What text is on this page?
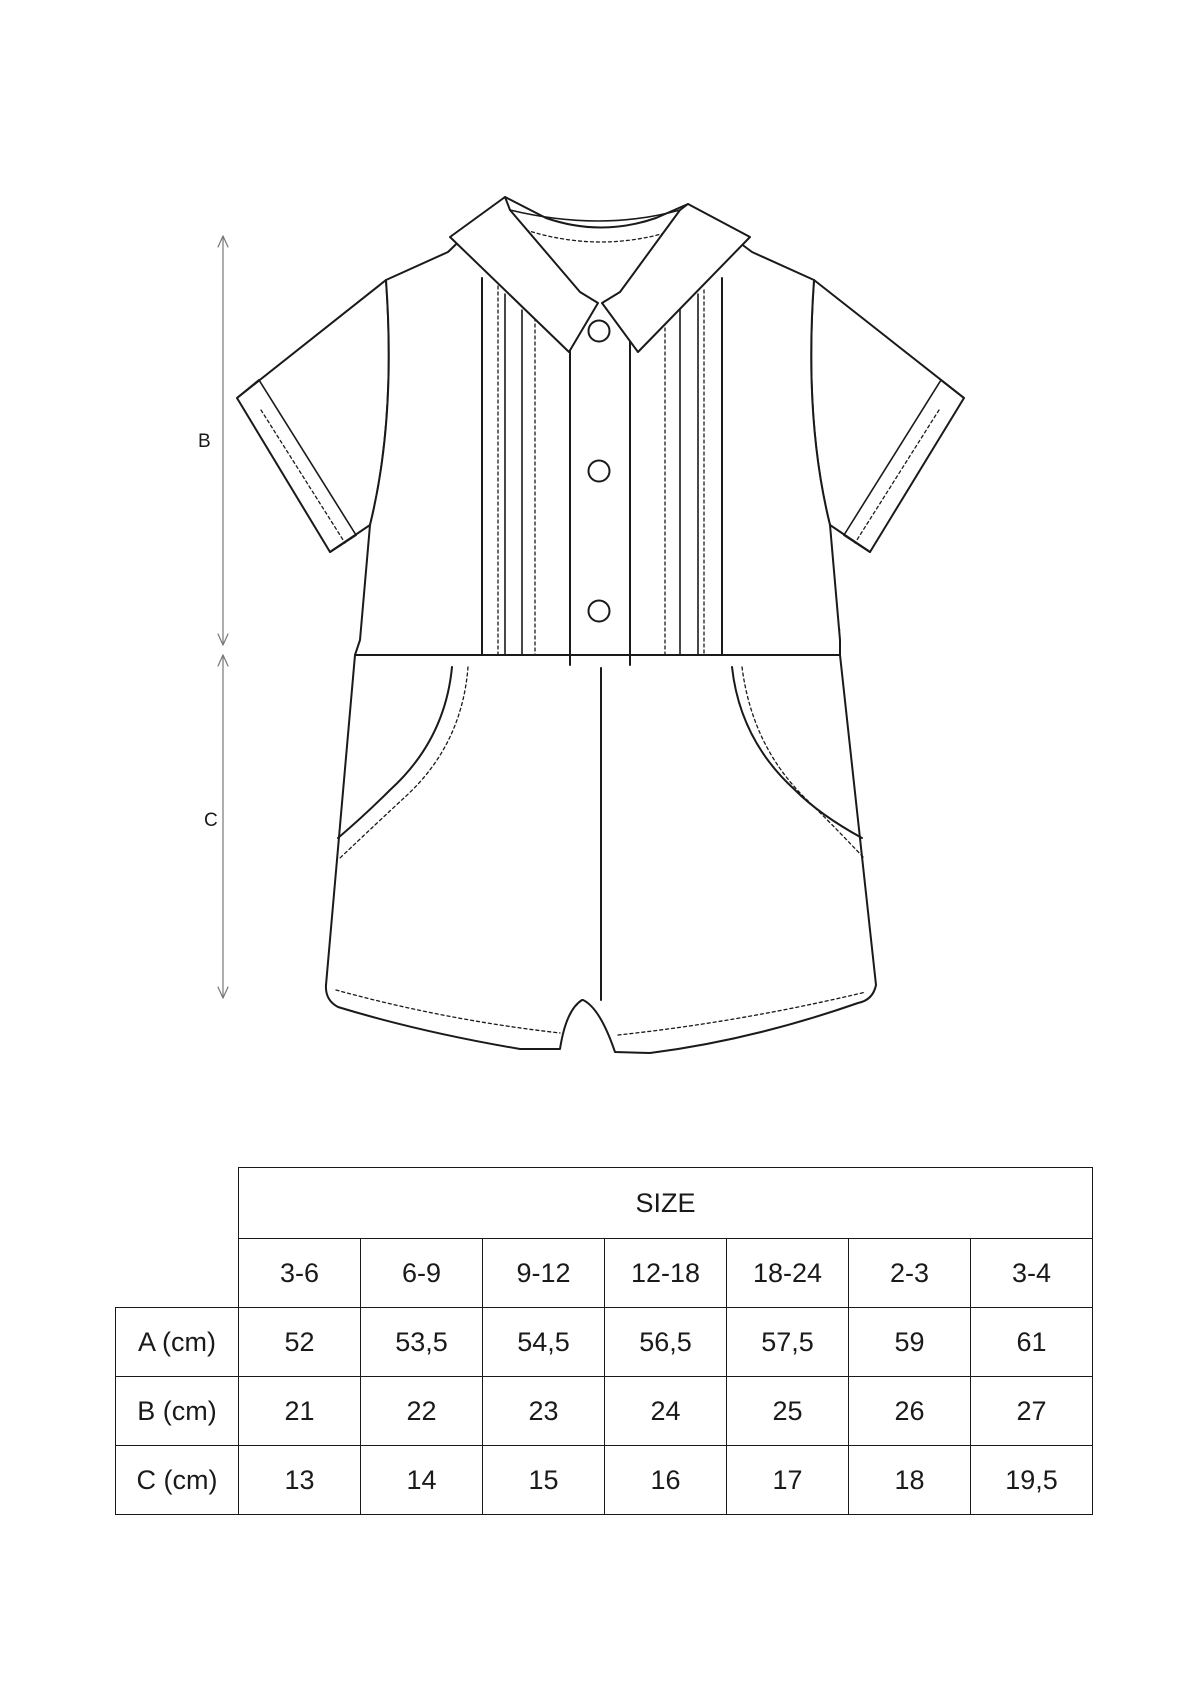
B
C
	SIZE						
	3-6	6-9	9-12	12-18	18-24	2-3	3-4
A (cm)	52	53,5	54,5	56,5	57,5	59	61
B (cm)	21	22	23	24	25	26	27
C (cm)	13	14	15	16	17	18	19,5
